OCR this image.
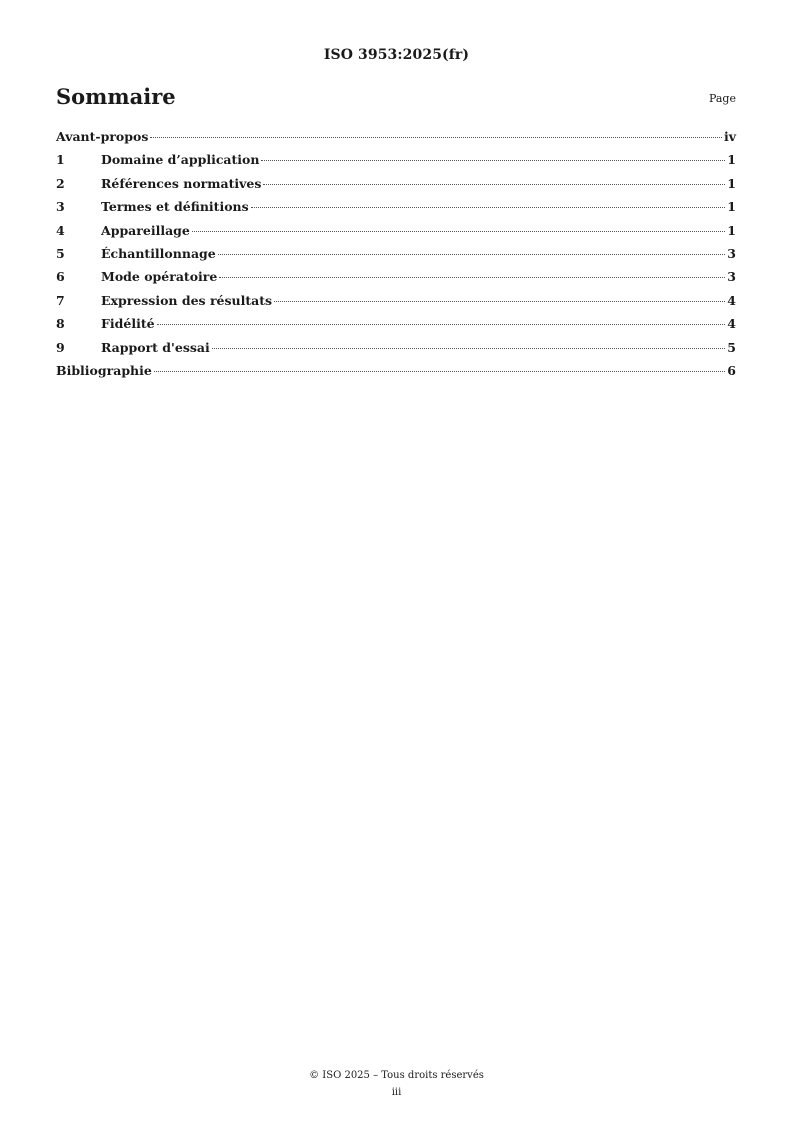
ISO 3953:2025(fr)
Sommaire	Page
Avant-propos	iv
1	Domaine d’application	1
2	Références normatives	1
3	Termes et définitions	1
4	Appareillage	1
5	Échantillonnage	3
6	Mode opératoire	3
7	Expression des résultats	4
8	Fidélité	4
9	Rapport d'essai	5
Bibliographie	6
© ISO 2025 – Tous droits réservés
iii
